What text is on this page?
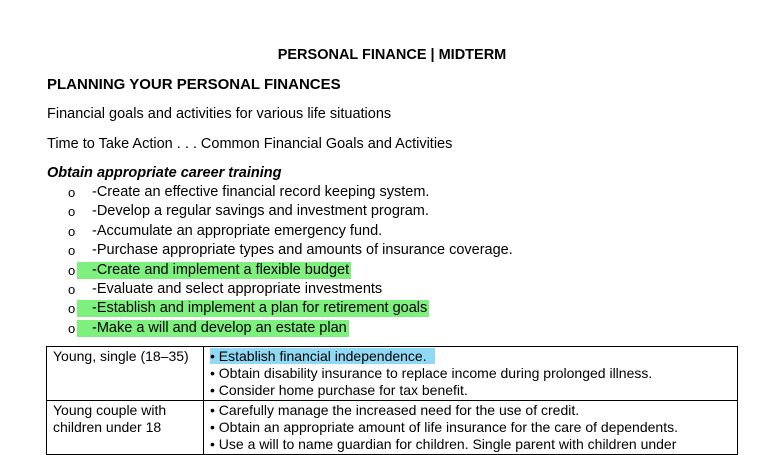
PERSONAL FINANCE | MIDTERM
PLANNING YOUR PERSONAL FINANCES
Financial goals and activities for various life situations
Time to Take Action . . . Common Financial Goals and Activities
Obtain appropriate career training
o -Create an effective financial record keeping system.
o -Develop a regular savings and investment program.
o -Accumulate an appropriate emergency fund.
o -Purchase appropriate types and amounts of insurance coverage.
o -Create and implement a flexible budget
o -Evaluate and select appropriate investments
o -Establish and implement a plan for retirement goals
o -Make a will and develop an estate plan
Young, single (18–35)	• Establish financial independence.
• Obtain disability insurance to replace income during prolonged illness.
• Consider home purchase for tax benefit.

Young couple with children under 18	• Carefully manage the increased need for the use of credit.
• Obtain an appropriate amount of life insurance for the care of dependents.
• Use a will to name guardian for children. Single parent with children under
